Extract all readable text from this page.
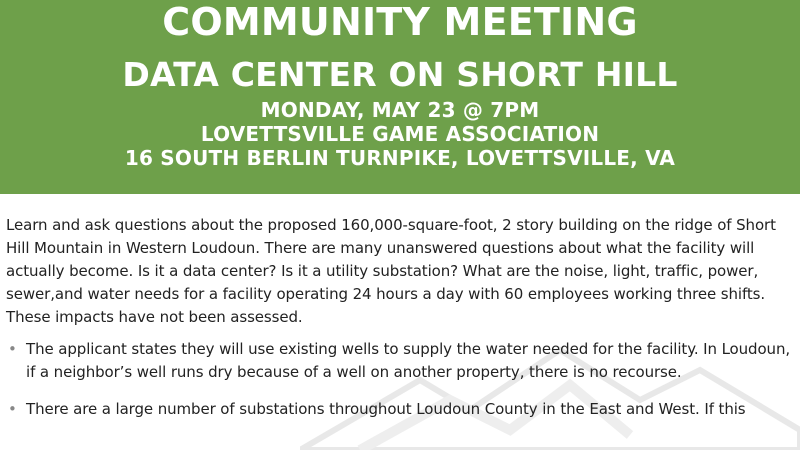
COMMUNITY MEETING
DATA CENTER ON SHORT HILL
MONDAY, MAY 23 @ 7PM
LOVETTSVILLE GAME ASSOCIATION
16 SOUTH BERLIN TURNPIKE, LOVETTSVILLE, VA

Learn and ask questions about the proposed 160,000-square-foot, 2 story building on the ridge of Short Hill Mountain in Western Loudoun. There are many unanswered questions about what the facility will actually become. Is it a data center? Is it a utility substation? What are the noise, light, traffic, power, sewer,and water needs for a facility operating 24 hours a day with 60 employees working three shifts. These impacts have not been assessed.

• The applicant states they will use existing wells to supply the water needed for the facility. In Loudoun, if a neighbor’s well runs dry because of a well on another property, there is no recourse.
• There are a large number of substations throughout Loudoun County in the East and West. If this
